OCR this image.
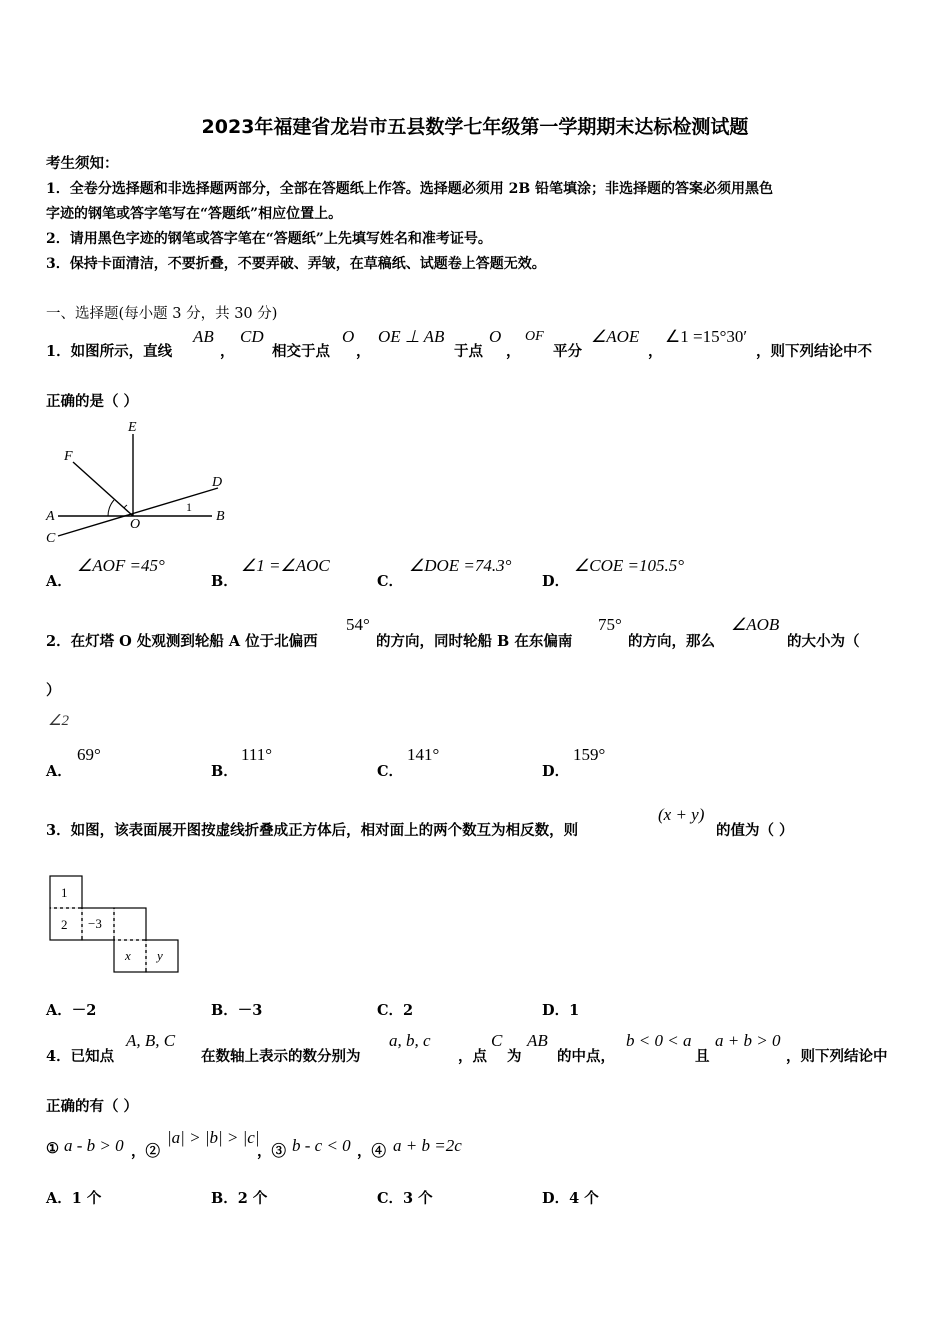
2023年福建省龙岩市五县数学七年级第一学期期末达标检测试题
考生须知：
1．全卷分选择题和非选择题两部分，全部在答题纸上作答。选择题必须用 2B 铅笔填涂；非选择题的答案必须用黑色
字迹的钢笔或答字笔写在“答题纸”相应位置上。
2．请用黑色字迹的钢笔或答字笔在“答题纸”上先填写姓名和准考证号。
3．保持卡面清洁，不要折叠，不要弄破、弄皱，在草稿纸、试题卷上答题无效。
一、选择题(每小题 3 分，共 30 分)
1．如图所示，直线
AB
，
CD
相交于点
O
，
OE ⊥ AB
于点
O
，
OF
平分
∠AOE
，
∠1 =15°30′
，则下列结论中不
正确的是（ ）
E
F
D
A	B
C
O
1
A．
∠AOF =45°
B．
∠1 =∠AOC
C．
∠DOE =74.3°
D．
∠COE =105.5°
2．在灯塔 O 处观测到轮船 A 位于北偏西
54°
的方向，同时轮船 B 在东偏南
75°
的方向，那么
∠AOB
的大小为（
）
∠2
A．
69°
B．
111°
C．
141°
D．
159°
3．如图，该表面展开图按虚线折叠成正方体后，相对面上的两个数互为相反数，则
(x + y)
的值为（ ）
1
2 −3
x y
A．－2	B．－3	C．2	D．1
4．已知点
A, B, C
在数轴上表示的数分别为
a, b, c
，点
C
为
AB
的中点，
b < 0 < a
且
a + b > 0
，则下列结论中
正确的有（ ）
① a - b > 0 ，②
|a| > |b| > |c|
，③ b - c < 0 ，④ a + b =2c
A．1 个	B．2 个	C．3 个	D．4 个
